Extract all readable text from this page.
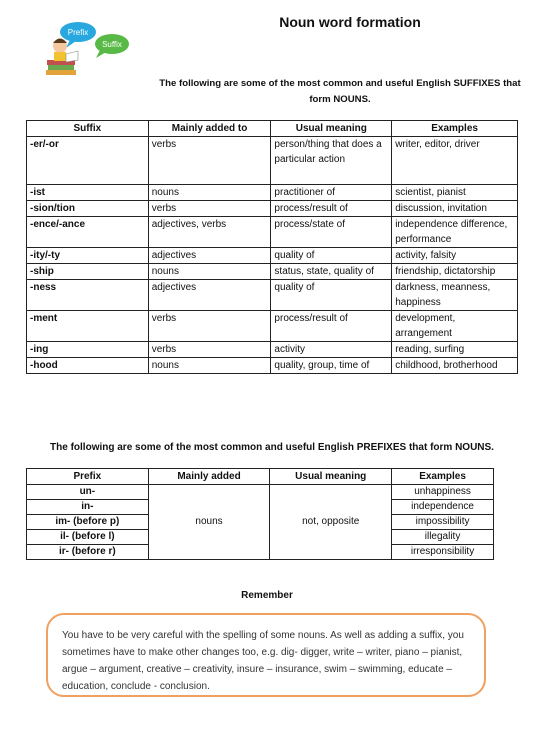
Noun word formation
Prefix
Suffix
The following are some of the most common and useful English SUFFIXES that form NOUNS.
Suffix	Mainly added to	Usual meaning	Examples
-er/-or	verbs	person/thing that does a particular action	writer, editor, driver
-ist	nouns	practitioner of	scientist, pianist
-sion/tion	verbs	process/result of	discussion, invitation
-ence/-ance	adjectives, verbs	process/state of	independence difference, performance
-ity/-ty	adjectives	quality of	activity, falsity
-ship	nouns	status, state, quality of	friendship, dictatorship
-ness	adjectives	quality of	darkness, meanness, happiness
-ment	verbs	process/result of	development, arrangement
-ing	verbs	activity	reading, surfing
-hood	nouns	quality, group, time of	childhood, brotherhood
The following are some of the most common and useful English PREFIXES that form NOUNS.
Prefix	Mainly added	Usual meaning	Examples
un-	nouns	not, opposite	unhappiness
in-			independence
im- (before p)			impossibility
il- (before l)			illegality
ir- (before r)			irresponsibility
Remember
You have to be very careful with the spelling of some nouns. As well as adding a suffix, you sometimes have to make other changes too, e.g. dig- digger, write – writer, piano – pianist, argue – argument, creative – creativity, insure – insurance, swim – swimming, educate – education, conclude - conclusion.
